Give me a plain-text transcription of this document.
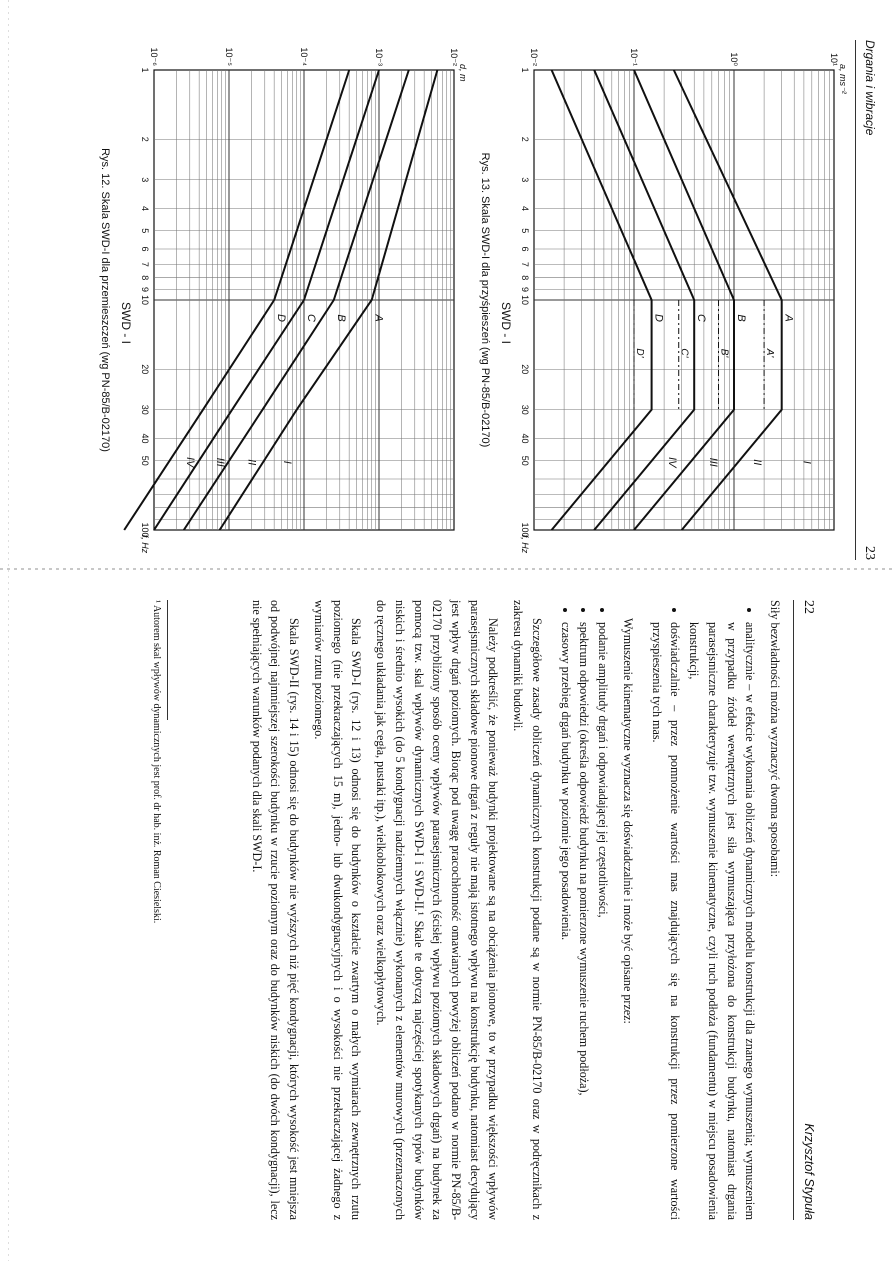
22
Krzysztof Stypuła

Siły bezwładności można wyznaczyć dwoma sposobami:

• analitycznie – w efekcie wykonania obliczeń dynamicznych modelu konstrukcji dla znanego wymuszenia; wymuszeniem w przypadku źródeł wewnętrznych jest siła wymuszająca przyłożona do konstrukcji budynku, natomiast drgania parasejsmiczne charakteryzuje tzw. wymuszenie kinematyczne, czyli ruch podłoża (fundamentu) w miejscu posadowienia konstrukcji,
• doświadczalnie – przez pomnożenie wartości mas znajdujących się na konstrukcji przez pomierzone wartości przyspieszenia tych mas.

Wymuszenie kinematyczne wyznacza się doświadczalnie i może być opisane przez:

• podanie amplitudy drgań i odpowiadającej jej częstotliwości,
• spektrum odpowiedzi (określa odpowiedź budynku na pomierzone wymuszenie ruchem podłoża),
• czasowy przebieg drgań budynku w poziomie jego posadowienia.

Szczegółowe zasady obliczeń dynamicznych konstrukcji podane są w normie PN-85/B-02170 oraz w podręcznikach z zakresu dynamiki budowli.

Należy podkreślić, że ponieważ budynki projektowane są na obciążenia pionowe, to w przypadku większości wpływów parasejsmicznych składowe pionowe drgań z reguły nie mają istotnego wpływu na konstrukcję budynku, natomiast decydujący jest wpływ drgań poziomych. Biorąc pod uwagę pracochłonność omawianych powyżej obliczeń podano w normie PN-85/B-02170 przybliżony sposób oceny wpływów parasejsmicznych (ścisłej wpływu poziomych składowych drgań) na budynek za pomocą tzw. skal wpływów dynamicznych SWD-I i SWD-II.¹ Skale te dotyczą najczęściej spotykanych typów budynków niskich i średnio wysokich (do 5 kondygnacji nadziemnych włącznie) wykonanych z elementów murowych (przeznaczonych do ręcznego układania jak cegła, pustaki itp.), wielkoblokowych oraz wielkopłytowych.

Skala SWD-I (rys. 12 i 13) odnosi się do budynków o kształcie zwartym o małych wymiarach zewnętrznych rzutu poziomego (nie przekraczających 15 m), jedno- lub dwukondygnacyjnych i o wysokości nie przekraczającej żadnego z wymiarów rzutu poziomego.

Skala SWD-II (rys. 14 i 15) odnosi się do budynków nie wyższych niż pięć kondygnacji, których wysokość jest mniejsza od podwójnej najmniejszej szerokości budynku w rzucie poziomym oraz do budynków niskich (do dwóch kondygnacji), lecz nie spełniających warunków podanych dla skali SWD-I.

¹ Autorem skal wpływów dynamicznych jest prof. dr hab. inż. Roman Ciesielski.
Drgania i wibracje
23
1
2
3
4
5
6
7
8
9
10
20
30
40
50
100
10⁻²	10⁻¹	10⁰	10¹
f, Hz
a, ms⁻²
A
B
C
D
A'
B'
C'
D'
I
II
III
IV
SWD - I
Rys. 13. Skala SWD-I dla przyśpieszeń (wg PN-85/B-02170)
1
2
3
4
5
6
7
8
9
10
20
30
40
50
100
10⁻⁶	10⁻⁵	10⁻⁴	10⁻³	10⁻²
f, Hz
d, m
A
B
C
D
I
II
III
IV
SWD - I
Rys. 12. Skala SWD-I dla przemieszczeń (wg PN-85/B-02170)
